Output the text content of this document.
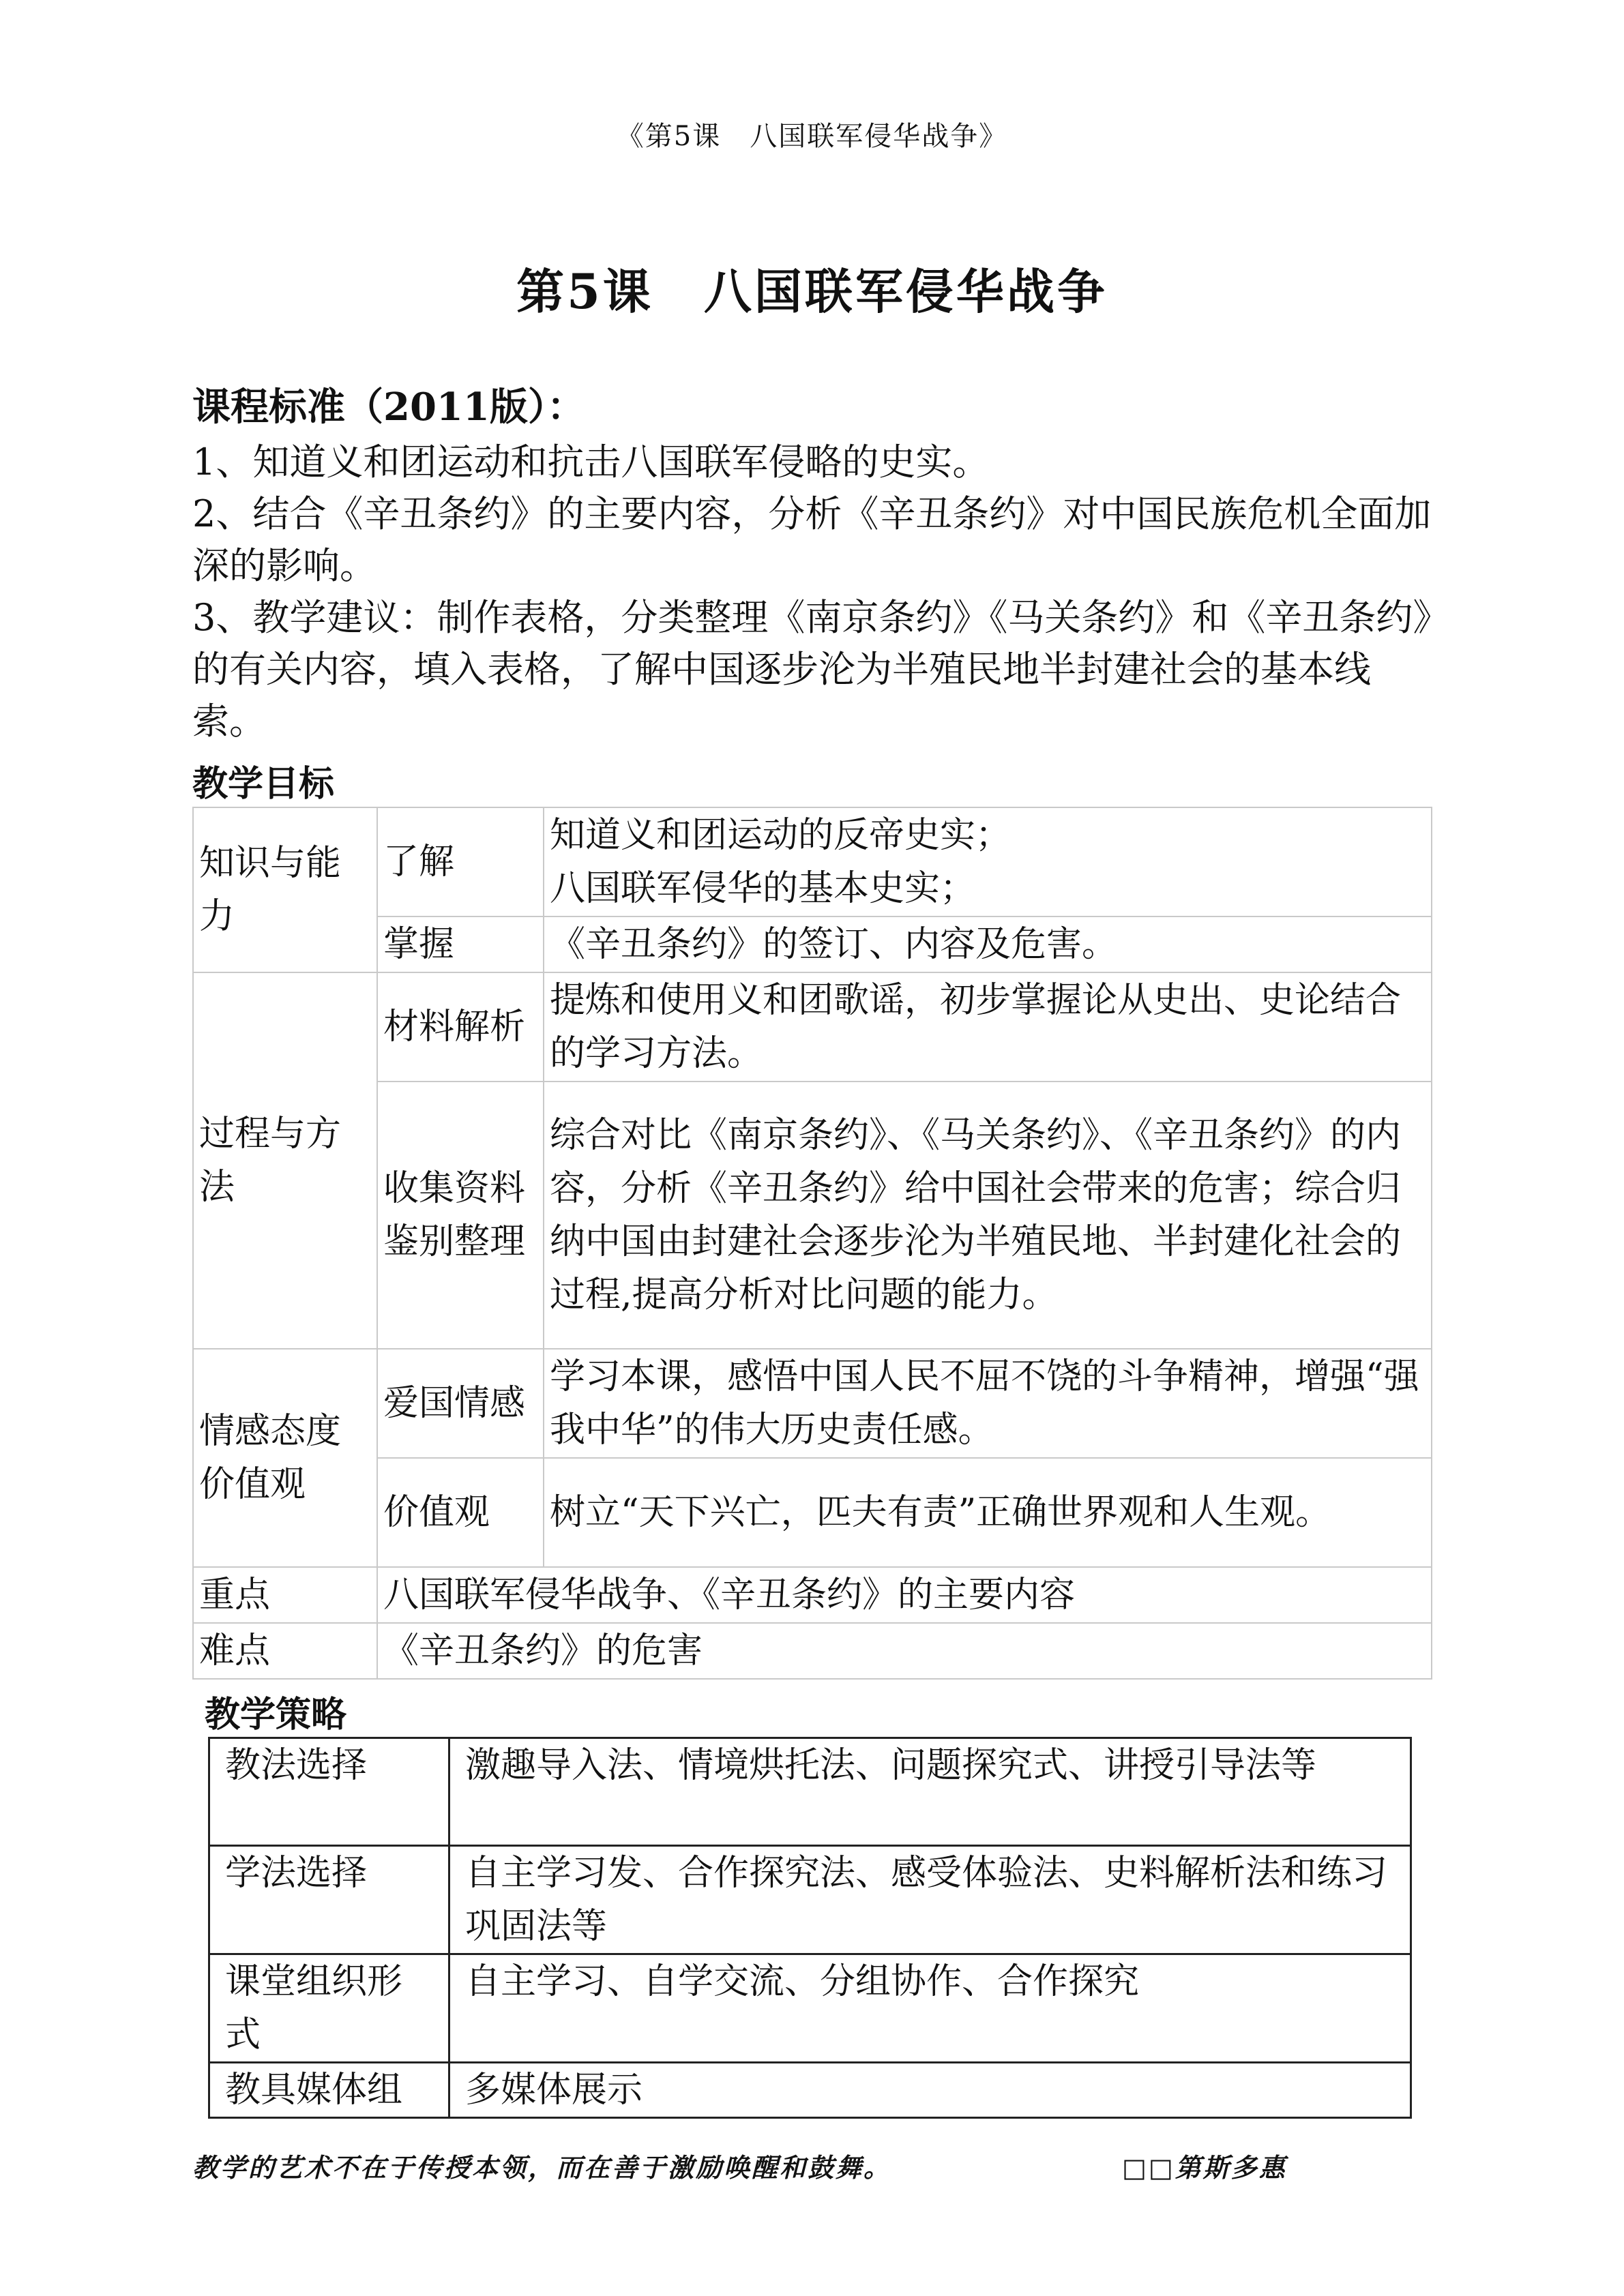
《第5课　八国联军侵华战争》
第5课　八国联军侵华战争
课程标准（2011版）：

1、知道义和团运动和抗击八国联军侵略的史实。

2、结合《辛丑条约》的主要内容，分析《辛丑条约》对中国民族危机全面加深的影响。

3、教学建议：制作表格，分类整理《南京条约》《马关条约》和《辛丑条约》的有关内容，填入表格，了解中国逐步沦为半殖民地半封建社会的基本线索。

教学目标
知识与能力	了解	知道义和团运动的反帝史实；
八国联军侵华的基本史实；
	掌握	《辛丑条约》的签订、内容及危害。
过程与方法	材料解析	提炼和使用义和团歌谣，初步掌握论从史出、史论结合的学习方法。
	收集资料鉴别整理	综合对比《南京条约》、《马关条约》、《辛丑条约》的内容，分析《辛丑条约》给中国社会带来的危害；综合归纳中国由封建社会逐步沦为半殖民地、半封建化社会的过程,提高分析对比问题的能力。
情感态度价值观	爱国情感	学习本课，感悟中国人民不屈不饶的斗争精神，增强“强我中华”的伟大历史责任感。
	价值观	树立“天下兴亡，匹夫有责”正确世界观和人生观。
重点	八国联军侵华战争、《辛丑条约》的主要内容	
难点	《辛丑条约》的危害	
教学策略
教法选择	激趣导入法、情境烘托法、问题探究式、讲授引导法等
学法选择	自主学习发、合作探究法、感受体验法、史料解析法和练习巩固法等
课堂组织形式	自主学习、自学交流、分组协作、合作探究
教具媒体组	多媒体展示
教学的艺术不在于传授本领，而在善于激励唤醒和鼓舞。	□□第斯多惠
